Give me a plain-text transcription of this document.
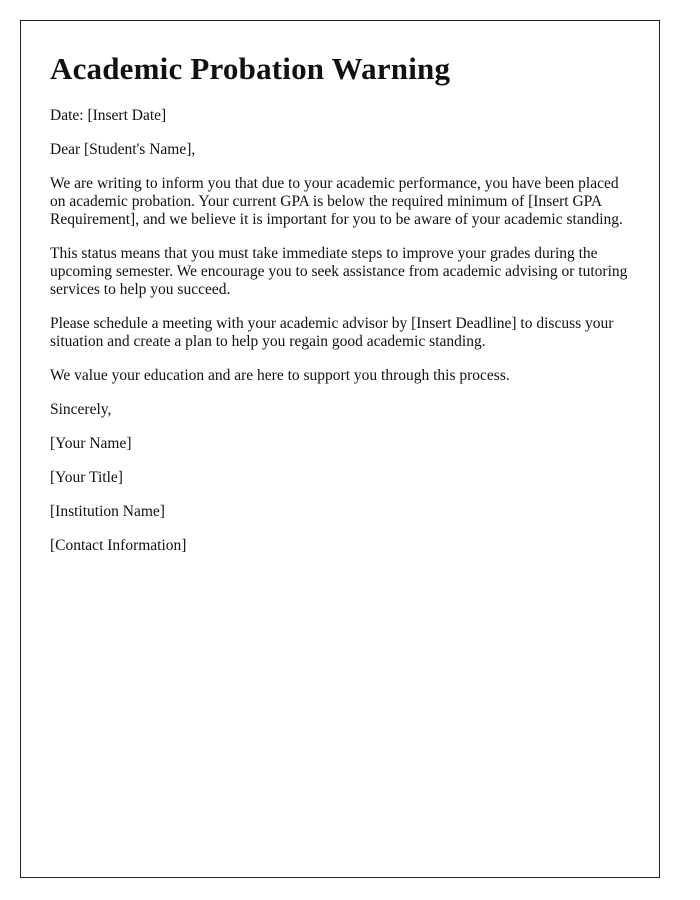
Academic Probation Warning

Date: [Insert Date]

Dear [Student's Name],

We are writing to inform you that due to your academic performance, you have been placed on academic probation. Your current GPA is below the required minimum of [Insert GPA Requirement], and we believe it is important for you to be aware of your academic standing.

This status means that you must take immediate steps to improve your grades during the upcoming semester. We encourage you to seek assistance from academic advising or tutoring services to help you succeed.

Please schedule a meeting with your academic advisor by [Insert Deadline] to discuss your situation and create a plan to help you regain good academic standing.

We value your education and are here to support you through this process.

Sincerely,

[Your Name]

[Your Title]

[Institution Name]

[Contact Information]
